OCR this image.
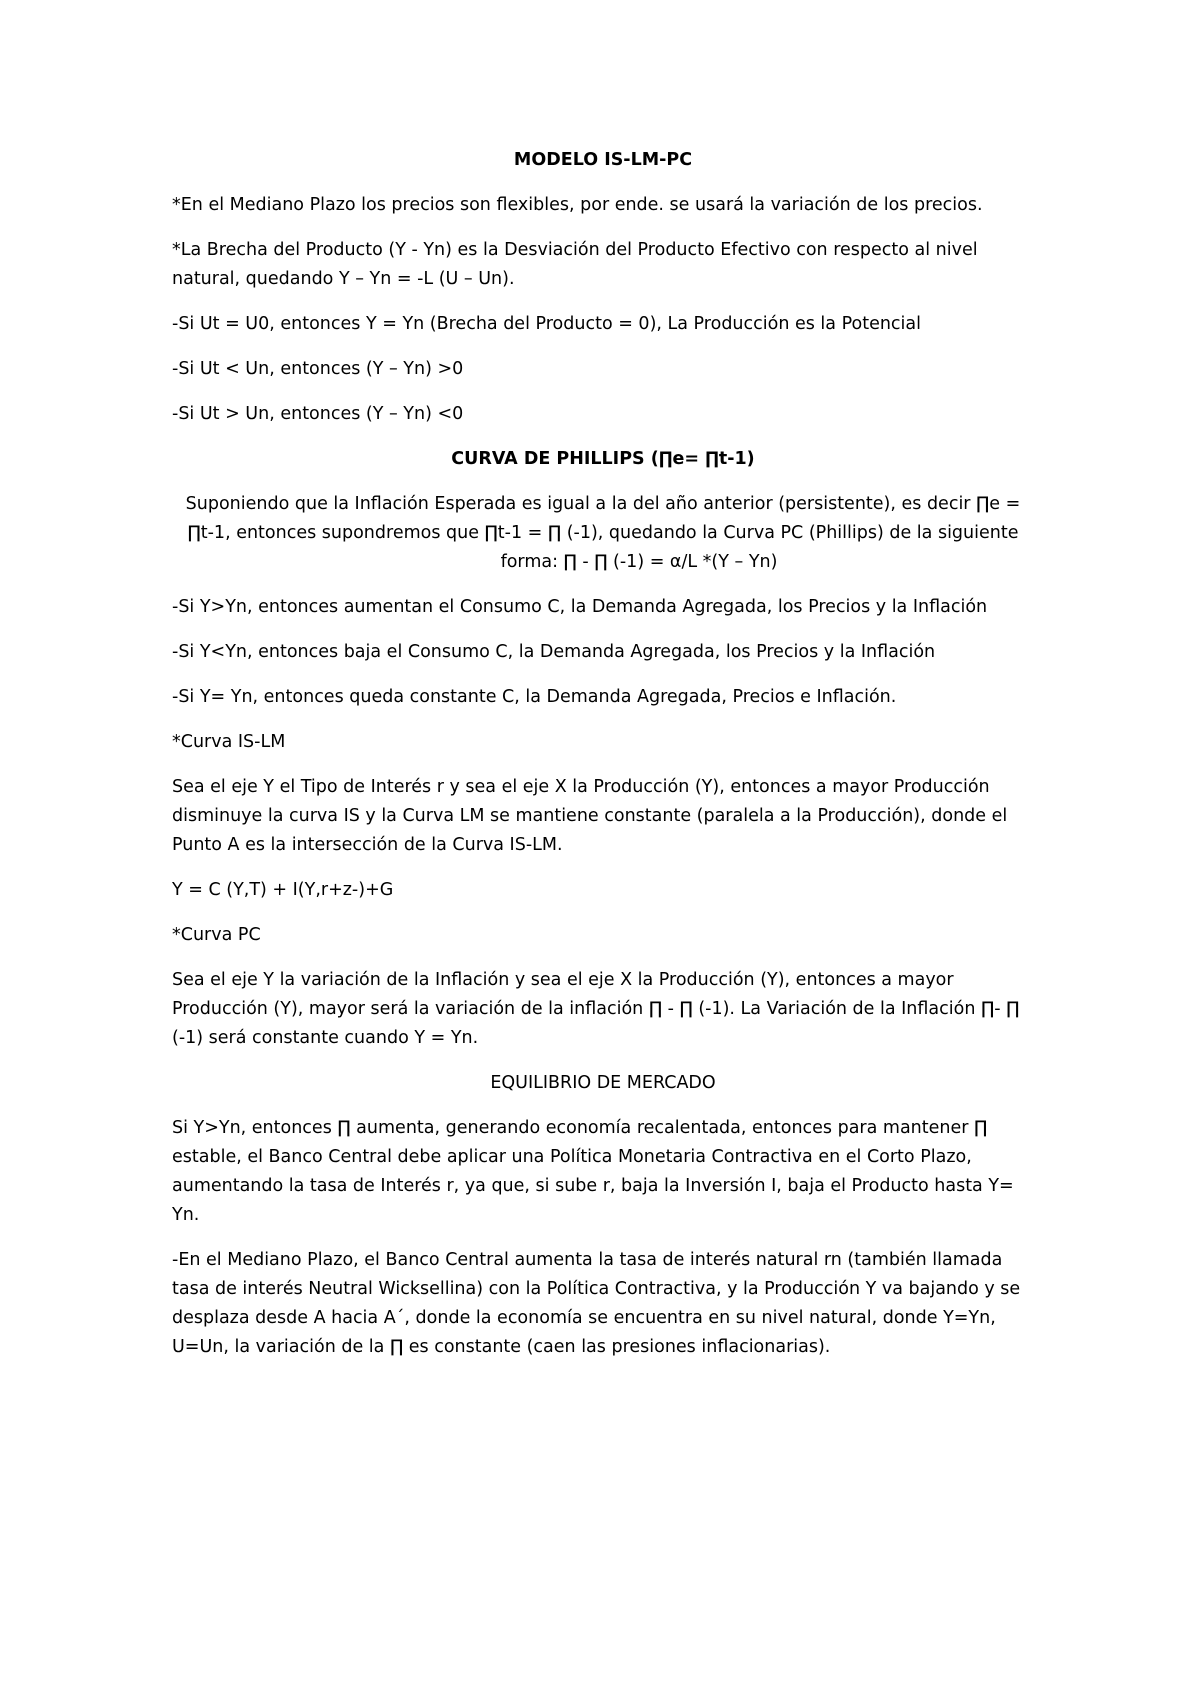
MODELO IS-LM-PC

*En el Mediano Plazo los precios son flexibles, por ende. se usará la variación de los precios.

*La Brecha del Producto (Y - Yn) es la Desviación del Producto Efectivo con respecto al nivel natural, quedando Y – Yn = -L (U – Un).

-Si Ut = U0, entonces Y = Yn (Brecha del Producto = 0), La Producción es la Potencial

-Si Ut < Un, entonces (Y – Yn) >0

-Si Ut > Un, entonces (Y – Yn) <0

CURVA DE PHILLIPS (∏e= ∏t-1)

Suponiendo que la Inflación Esperada es igual a la del año anterior (persistente), es decir ∏e =
∏t-1, entonces supondremos que ∏t-1 = ∏ (-1), quedando la Curva PC (Phillips) de la siguiente

forma: ∏ - ∏ (-1) = α/L *(Y – Yn)

-Si Y>Yn, entonces aumentan el Consumo C, la Demanda Agregada, los Precios y la Inflación

-Si Y<Yn, entonces baja el Consumo C, la Demanda Agregada, los Precios y la Inflación

-Si Y= Yn, entonces queda constante C, la Demanda Agregada, Precios e Inflación.

*Curva IS-LM

Sea el eje Y el Tipo de Interés r y sea el eje X la Producción (Y), entonces a mayor Producción disminuye la curva IS y la Curva LM se mantiene constante (paralela a la Producción), donde el Punto A es la intersección de la Curva IS-LM.

Y = C (Y,T) + I(Y,r+z-)+G

*Curva PC

Sea el eje Y la variación de la Inflación y sea el eje X la Producción (Y), entonces a mayor Producción (Y), mayor será la variación de la inflación ∏ - ∏ (-1). La Variación de la Inflación ∏- ∏ (-1) será constante cuando Y = Yn.

EQUILIBRIO DE MERCADO

Si Y>Yn, entonces ∏ aumenta, generando economía recalentada, entonces para mantener ∏ estable, el Banco Central debe aplicar una Política Monetaria Contractiva en el Corto Plazo, aumentando la tasa de Interés r, ya que, si sube r, baja la Inversión I, baja el Producto hasta Y= Yn.

-En el Mediano Plazo, el Banco Central aumenta la tasa de interés natural rn (también llamada tasa de interés Neutral Wicksellina) con la Política Contractiva, y la Producción Y va bajando y se desplaza desde A hacia A´, donde la economía se encuentra en su nivel natural, donde Y=Yn, U=Un, la variación de la ∏ es constante (caen las presiones inflacionarias).
